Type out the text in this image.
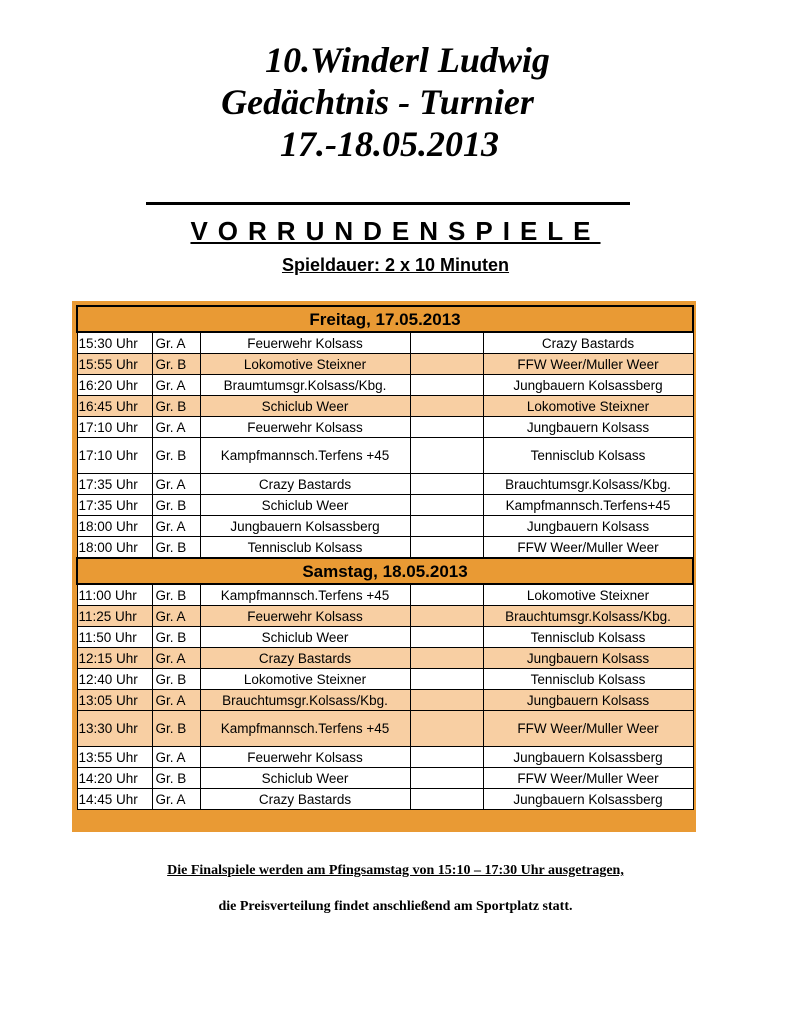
10.Winderl Ludwig
Gedächtnis - Turnier
17.-18.05.2013
VORRUNDENSPIELE
Spieldauer: 2 x 10 Minuten
Freitag, 17.05.2013				
15:30 Uhr	Gr. A	Feuerwehr Kolsass		Crazy Bastards
15:55 Uhr	Gr. B	Lokomotive Steixner		FFW Weer/Muller Weer
16:20 Uhr	Gr. A	Braumtumsgr.Kolsass/Kbg.		Jungbauern Kolsassberg
16:45 Uhr	Gr. B	Schiclub Weer		Lokomotive Steixner
17:10 Uhr	Gr. A	Feuerwehr Kolsass		Jungbauern Kolsass
17:10 Uhr	Gr. B	Kampfmannsch.Terfens +45		Tennisclub Kolsass
17:35 Uhr	Gr. A	Crazy Bastards		Brauchtumsgr.Kolsass/Kbg.
17:35 Uhr	Gr. B	Schiclub Weer		Kampfmannsch.Terfens+45
18:00 Uhr	Gr. A	Jungbauern Kolsassberg		Jungbauern Kolsass
18:00 Uhr	Gr. B	Tennisclub Kolsass		FFW Weer/Muller Weer
Samstag, 18.05.2013				
11:00 Uhr	Gr. B	Kampfmannsch.Terfens +45		Lokomotive Steixner
11:25 Uhr	Gr. A	Feuerwehr Kolsass		Brauchtumsgr.Kolsass/Kbg.
11:50 Uhr	Gr. B	Schiclub Weer		Tennisclub Kolsass
12:15 Uhr	Gr. A	Crazy Bastards		Jungbauern Kolsass
12:40 Uhr	Gr. B	Lokomotive Steixner		Tennisclub Kolsass
13:05 Uhr	Gr. A	Brauchtumsgr.Kolsass/Kbg.		Jungbauern Kolsass
13:30 Uhr	Gr. B	Kampfmannsch.Terfens +45		FFW Weer/Muller Weer
13:55 Uhr	Gr. A	Feuerwehr Kolsass		Jungbauern Kolsassberg
14:20 Uhr	Gr. B	Schiclub Weer		FFW Weer/Muller Weer
14:45 Uhr	Gr. A	Crazy Bastards		Jungbauern Kolsassberg
Die Finalspiele werden am Pfingsamstag von 15:10 – 17:30 Uhr ausgetragen,
die Preisverteilung findet anschließend am Sportplatz statt.
